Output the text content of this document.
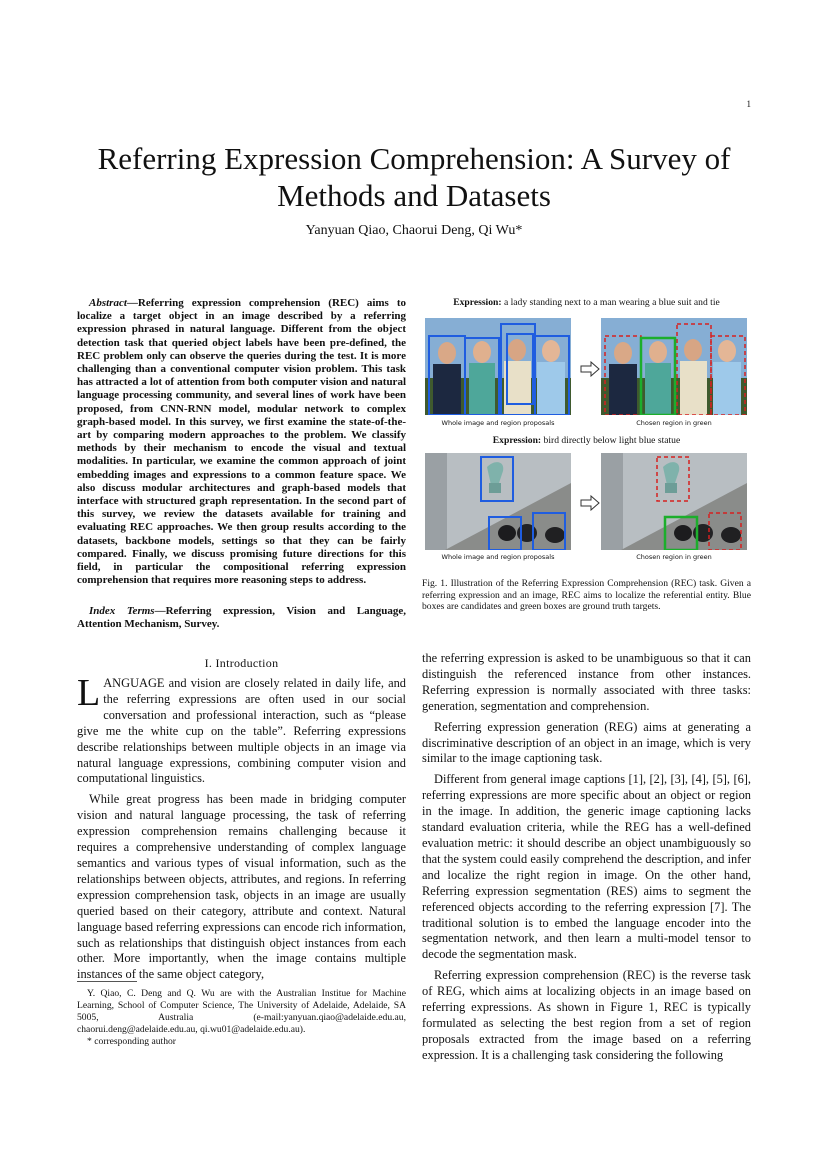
1
Referring Expression Comprehension: A Survey of Methods and Datasets
Yanyuan Qiao, Chaorui Deng, Qi Wu*

Abstract—Referring expression comprehension (REC) aims to localize a target object in an image described by a referring expression phrased in natural language. Different from the object detection task that queried object labels have been pre-defined, the REC problem only can observe the queries during the test. It is more challenging than a conventional computer vision problem. This task has attracted a lot of attention from both computer vision and natural language processing community, and several lines of work have been proposed, from CNN-RNN model, modular network to complex graph-based model. In this survey, we first examine the state-of-the-art by comparing modern approaches to the problem. We classify methods by their mechanism to encode the visual and textual modalities. In particular, we examine the common approach of joint embedding images and expressions to a common feature space. We also discuss modular architectures and graph-based models that interface with structured graph representation. In the second part of this survey, we review the datasets available for training and evaluating REC approaches. We then group results according to the datasets, backbone models, settings so that they can be fairly compared. Finally, we discuss promising future directions for this field, in particular the compositional referring expression comprehension that requires more reasoning steps to address.

Index Terms—Referring expression, Vision and Language, Attention Mechanism, Survey.

I. Introduction

LANGUAGE and vision are closely related in daily life, and the referring expressions are often used in our social conversation and professional interaction, such as “please give me the white cup on the table”. Referring expressions describe relationships between multiple objects in an image via natural language expressions, combining computer vision and computational linguistics.

While great progress has been made in bridging computer vision and natural language processing, the task of referring expression comprehension remains challenging because it requires a comprehensive understanding of complex language semantics and various types of visual information, such as the relationships between objects, attributes, and regions. In referring expression comprehension task, objects in an image are usually queried based on their category, attribute and context. Natural language based referring expressions can encode rich information, such as relationships that distinguish object instances from each other. More importantly, when the image contains multiple instances of the same object category,

Y. Qiao, C. Deng and Q. Wu are with the Australian Institue for Machine Learning, School of Computer Science, The University of Adelaide, Adelaide, SA 5005, Australia (e-mail:yanyuan.qiao@adelaide.edu.au, chaorui.deng@adelaide.edu.au, qi.wu01@adelaide.edu.au).

* corresponding author

Expression: a lady standing next to a man wearing a blue suit and tie
Whole image and region proposals	Chosen region in green
Expression: bird directly below light blue statue
Whole image and region proposals	Chosen region in green
Fig. 1. Illustration of the Referring Expression Comprehension (REC) task. Given a referring expression and an image, REC aims to localize the referential entity. Blue boxes are candidates and green boxes are ground truth targets.

the referring expression is asked to be unambiguous so that it can distinguish the referenced instance from other instances. Referring expression is normally associated with three tasks: generation, segmentation and comprehension.

Referring expression generation (REG) aims at generating a discriminative description of an object in an image, which is very similar to the image captioning task.

Different from general image captions [1], [2], [3], [4], [5], [6], referring expressions are more specific about an object or region in the image. In addition, the generic image captioning lacks standard evaluation criteria, while the REG has a well-defined evaluation metric: it should describe an object unambiguously so that the system could easily comprehend the description, and infer and localize the right region in image. On the other hand, Referring expression segmentation (RES) aims to segment the referenced objects according to the referring expression [7]. The traditional solution is to embed the language encoder into the segmentation network, and then learn a multi-model tensor to decode the segmentation mask.

Referring expression comprehension (REC) is the reverse task of REG, which aims at localizing objects in an image based on referring expressions. As shown in Figure 1, REC is typically formulated as selecting the best region from a set of region proposals extracted from the image based on a referring expression. It is a challenging task considering the following
